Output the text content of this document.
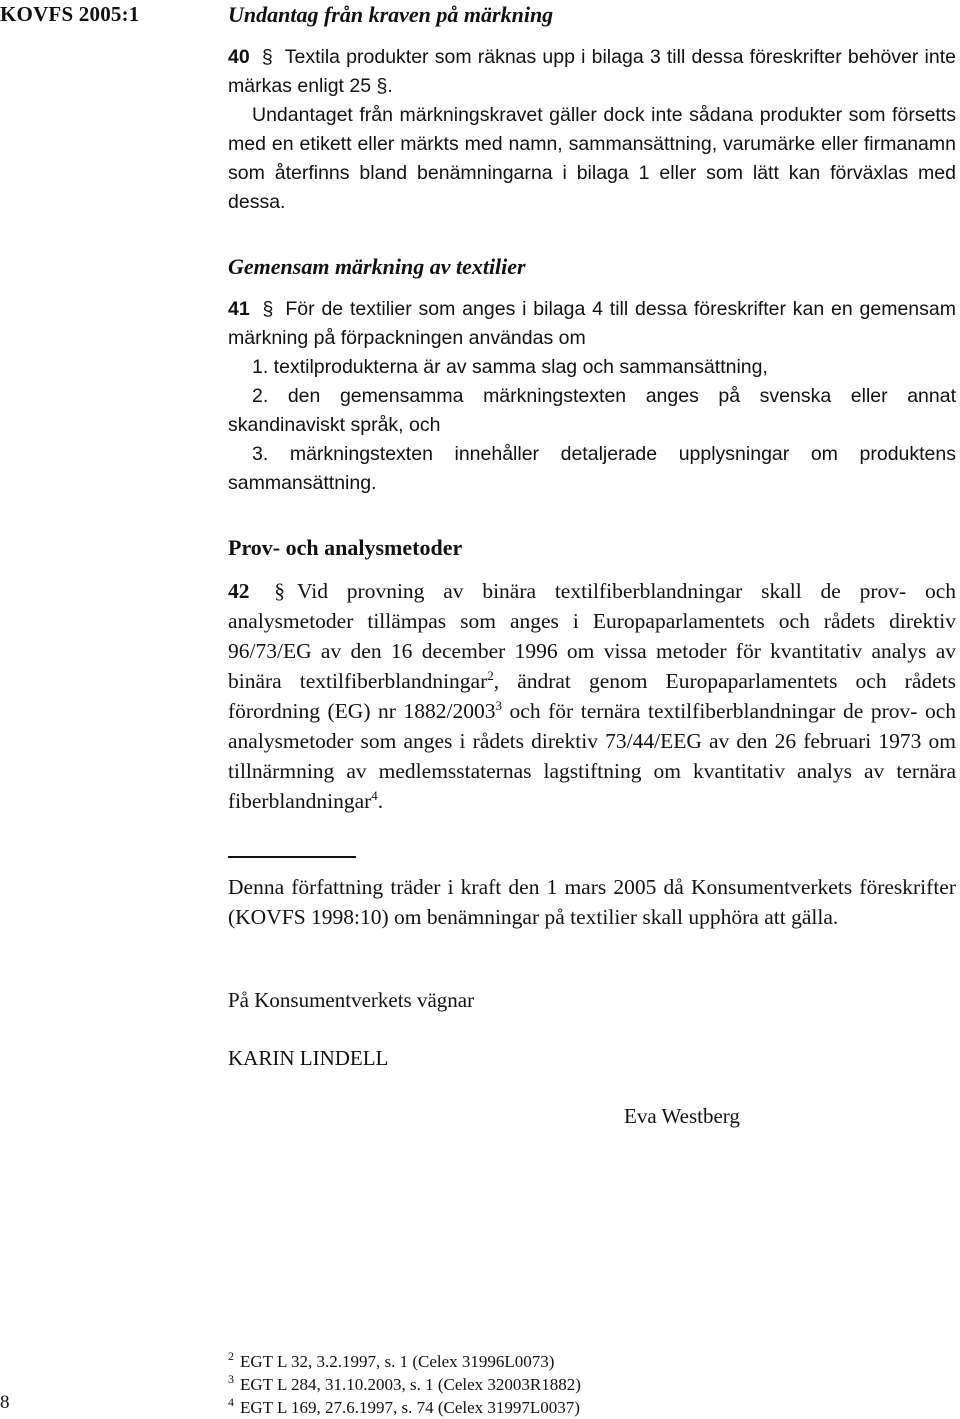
KOVFS 2005:1	Undantag från kraven på märkning

40 § Textila produkter som räknas upp i bilaga 3 till dessa föreskrifter behöver inte märkas enligt 25 §.

Undantaget från märkningskravet gäller dock inte sådana produkter som försetts med en etikett eller märkts med namn, sammansättning, varumärke eller firmanamn som återfinns bland benämningarna i bilaga 1 eller som lätt kan förväxlas med dessa.

Gemensam märkning av textilier

41 § För de textilier som anges i bilaga 4 till dessa föreskrifter kan en gemensam märkning på förpackningen användas om

1. textilprodukterna är av samma slag och sammansättning,

2. den gemensamma märkningstexten anges på svenska eller annat skandinaviskt språk, och

3. märkningstexten innehåller detaljerade upplysningar om produktens sammansättning.

Prov- och analysmetoder

42 § Vid provning av binära textilfiberblandningar skall de prov- och analysmetoder tillämpas som anges i Europaparlamentets och rådets direktiv 96/73/EG av den 16 december 1996 om vissa metoder för kvantitativ analys av binära textilfiberblandningar$^2$, ändrat genom Europaparlamentets och rådets förordning (EG) nr 1882/2003$^3$ och för ternära textilfiberblandningar de prov- och analysmetoder som anges i rådets direktiv 73/44/EEG av den 26 februari 1973 om tillnärmning av medlemsstaternas lagstiftning om kvantitativ analys av ternära fiberblandningar$^4$.

Denna författning träder i kraft den 1 mars 2005 då Konsumentverkets föreskrifter (KOVFS 1998:10) om benämningar på textilier skall upphöra att gälla.

På Konsumentverkets vägnar
KARIN LINDELL
Eva Westberg
$^2$ EGT L 32, 3.2.1997, s. 1 (Celex 31996L0073)
$^3$ EGT L 284, 31.10.2003, s. 1 (Celex 32003R1882)
$^4$ EGT L 169, 27.6.1997, s. 74 (Celex 31997L0037)
8
